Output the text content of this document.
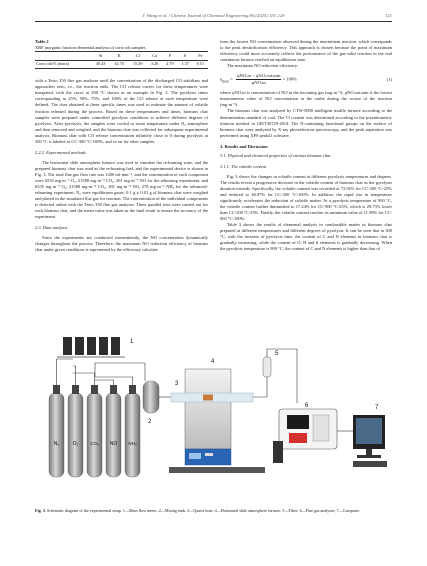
J. Wang et al. / Chinese Journal of Chemical Engineering 80 (2025) 119–129	121
Table 2
XRF inorganic fraction elemental analysis of corn cob samples
	Si	K	Cl	Ca	P	S	Fe
Corn cob/% (mass)	40.43	32.70	15.49	3.28	2.79	1.37	0.51

with a Testo 350 flue gas analyzer until the concentration of the discharged CO stabilizes and approaches zero, i.e., the reaction ends. The CO release curves for these temperatures were integrated, with the curve at 300 °C shown as an example in Fig. 2. The pyrolysis times corresponding to 25%, 50%, 75%, and 100% of the CO release at each temperature were defined. The char obtained at these specific times was used to estimate the amount of volatile fraction released during the process. Based on these temperatures and times, biomass char samples were prepared under controlled pyrolysis conditions to achieve different degrees of pyrolysis. After pyrolysis, the samples were cooled to room temperature under N₂ atmosphere and then removed and weighed, and the biomass char was collected for subsequent experimental analysis. Biomass char with CO release concentration infinitely close to 0 during pyrolysis at 300 °C is labeled as CC-300 °C-100%, and so on for other samples.

2.2.2. Experimental methods

The horizontal slide atmosphere furnace was used to simulate the re-burning zone, and the prepared biomass char was used as the re-burning fuel, and the experimental device is shown in Fig. 3. The total flue gas flow rate was 1200 ml·min⁻¹, and the concentration of each component were 6535 mg·m⁻³ O₂, 21588 mg·m⁻³ CO₂, 491 mg·m⁻³ NO for the reburning experiment, and 6535 mg·m⁻³ O₂, 21588 mg·m⁻³ CO₂, 491 mg·m⁻³ NO, 278 mg·m⁻³ NH₃ for the advanced-reburning experiment, N₂ were equilibrium gases. 0.1 g ± 0.01 g of biomass char were weighed and placed in the simulated flue gas for reaction. The concentration of the individual components is detected online with the Testo 350 flue gas analyzer. Three parallel tests were carried out for each biomass char, and the mean value was taken as the final result to ensure the accuracy of the experiment.

2.3. Data analysis

Since the experiments are conducted intermittently, the NO concentration dynamically changes throughout the process. Therefore, the maximum NO reduction efficiency of biomass char under given conditions is represented by the efficiency calculate

from the lowest NO concentration observed during the intermittent reaction, which corresponds to the peak denitrification efficiency. This approach is chosen because the point of maximum efficiency could more accurately reflects the performance of the gas-solid reaction in the real continuous furnace reached an equilibrium state.

The maximum NO reduction efficiency:

$\eta_{max} = \frac{\text{φNO,in − φNO,out,min}}{\text{φNO,in}} \times 100\%$	(1)

where φNO,in is concentration of NO in the incoming gas (mg·m⁻³); φNO,out,min is the lowest instantaneous value of NO concentration at the outlet during the course of the reaction (mg·m⁻³).

The biomass char was analyzed by CTW-5008 intelligent muffle furnace according to the determination standard of coal. The Cl content was determined according to the potentiometric titration method in GB/T30729-2014. The N-containing functional groups on the surface of biomass char were analyzed by X-ray photoelectron spectroscopy, and the peak separation was performed using XPS peak41 software.

3. Results and Discussion
3.1. Physical and chemical properties of various biomass char
3.1.1. The volatile content

Fig. 3 shows the changes in volatile content at different pyrolysis temperatures and degrees. The results reveal a progressive decrease in the volatile content of biomass char as the pyrolysis duration extends. Specifically, the volatile content was recorded at 73.92% for CC-300 °C-25% and reduced to 46.97% for CC-300 °C-100%. In addition, the rapid rise in temperature significantly accelerates the reduction of volatile matter. At a pyrolysis temperature of 900 °C, the volatile content further diminished to 17.24% for CC-900 °C-25%, which is 29.73% lower than CC-300 °C-25%. Finally, the volatile content reaches its minimum value of 11.99% for CC-900 °C-100%.

Table 3 shows the results of elemental analysis in combustible matter in biomass char prepared at different temperatures and different degrees of pyrolysis. It can be seen that at 300 °C, with the increase of pyrolysis time, the content of C and N elements in biomass char is gradually increasing, while the content of O, H and S elements is gradually decreasing. When the pyrolysis temperature is 900 °C, the content of C and N elements is higher than that of

N₂	O₂	CO₂ NO NH₃
1
2
3
4
5
6	7
Fig. 3. Schematic diagram of the experimental setup. 1—Mass flow meter; 2—Mixing tank; 3—Quartz boat; 4—Horizontal slide atmosphere furnace; 5—Filter; 6—Flue gas analyzer; 7—Computer.
